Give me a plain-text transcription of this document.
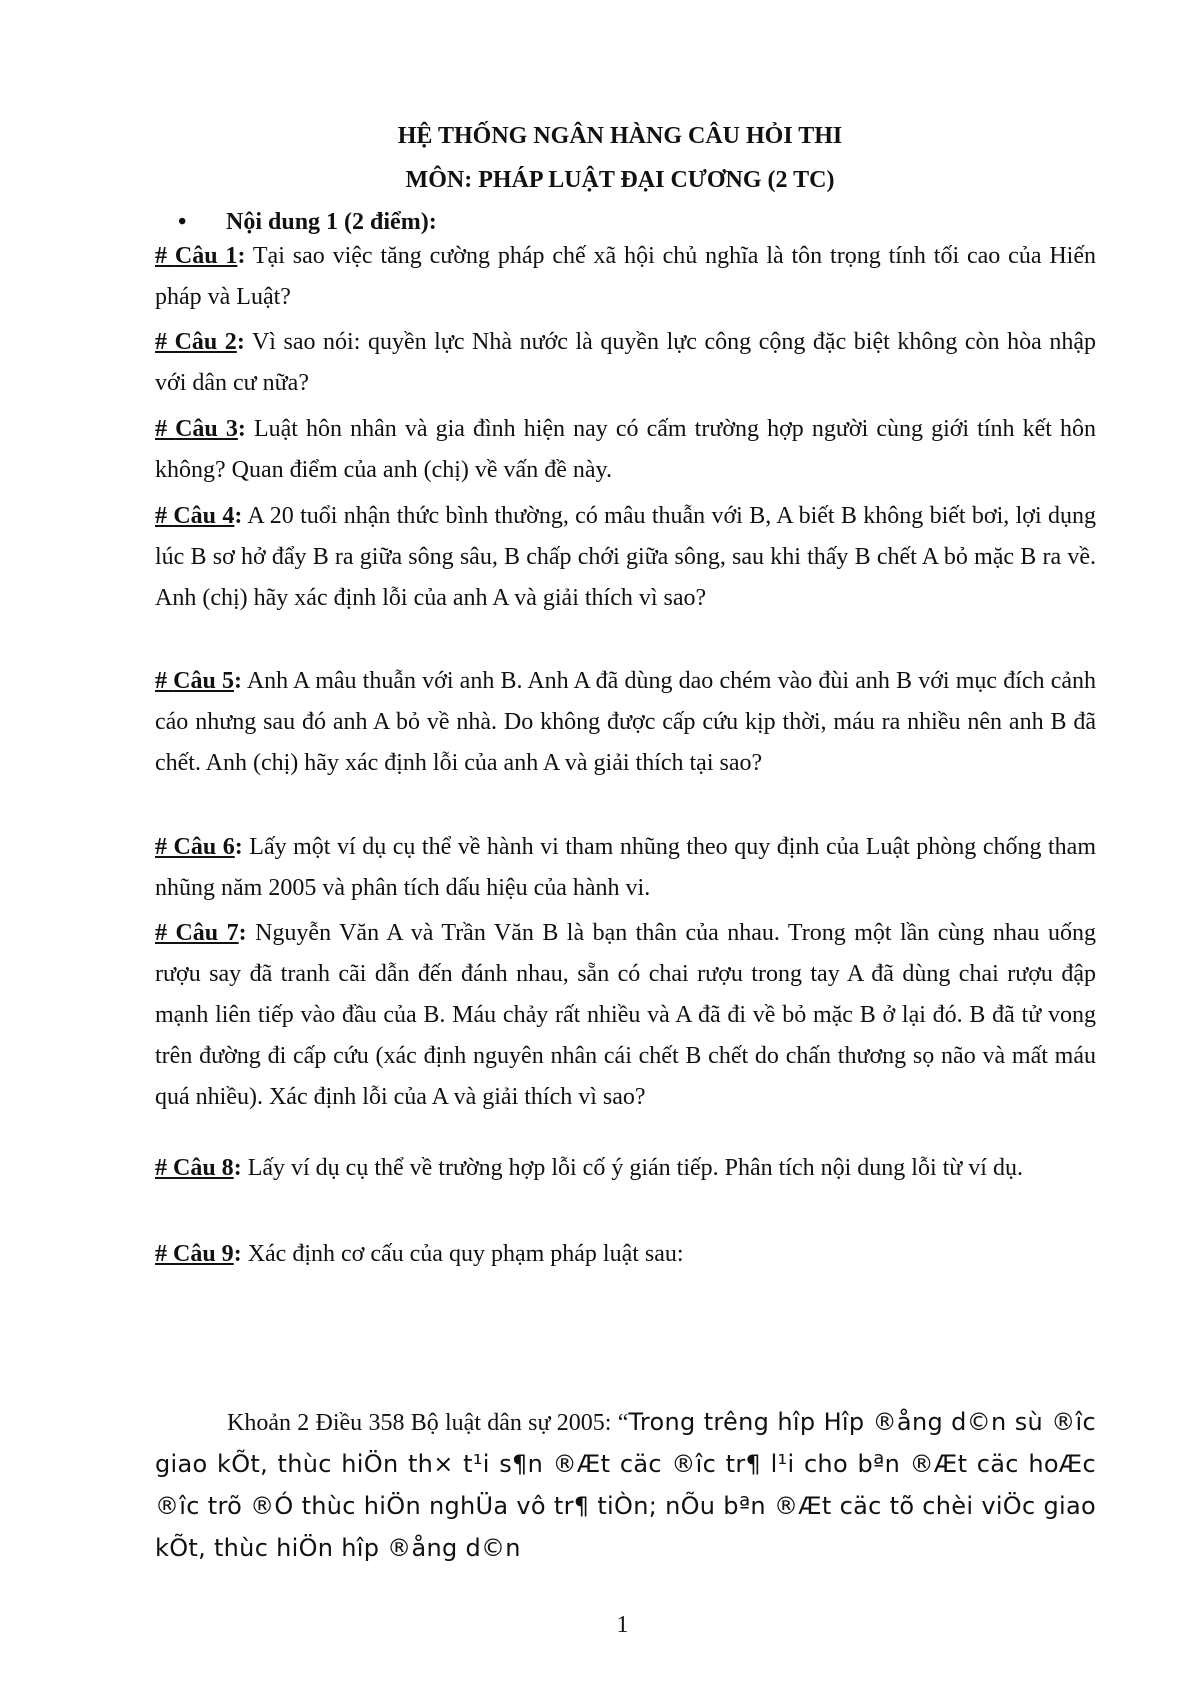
HỆ THỐNG NGÂN HÀNG CÂU HỎI THI
MÔN: PHÁP LUẬT ĐẠI CƯƠNG (2 TC)
• Nội dung 1 (2 điểm):
# Câu 1: Tại sao việc tăng cường pháp chế xã hội chủ nghĩa là tôn trọng tính tối cao của Hiến pháp và Luật?
# Câu 2: Vì sao nói: quyền lực Nhà nước là quyền lực công cộng đặc biệt không còn hòa nhập với dân cư nữa?
# Câu 3: Luật hôn nhân và gia đình hiện nay có cấm trường hợp người cùng giới tính kết hôn không? Quan điểm của anh (chị) về vấn đề này.
# Câu 4: A 20 tuổi nhận thức bình thường, có mâu thuẫn với B, A biết B không biết bơi, lợi dụng lúc B sơ hở đẩy B ra giữa sông sâu, B chấp chới giữa sông, sau khi thấy B chết A bỏ mặc B ra về. Anh (chị) hãy xác định lỗi của anh A và giải thích vì sao?
# Câu 5: Anh A mâu thuẫn với anh B. Anh A đã dùng dao chém vào đùi anh B với mục đích cảnh cáo nhưng sau đó anh A bỏ về nhà. Do không được cấp cứu kịp thời, máu ra nhiều nên anh B đã chết. Anh (chị) hãy xác định lỗi của anh A và giải thích tại sao?
# Câu 6: Lấy một ví dụ cụ thể về hành vi tham nhũng theo quy định của Luật phòng chống tham nhũng năm 2005 và phân tích dấu hiệu của hành vi.
# Câu 7: Nguyễn Văn A và Trần Văn B là bạn thân của nhau. Trong một lần cùng nhau uống rượu say đã tranh cãi dẫn đến đánh nhau, sẵn có chai rượu trong tay A đã dùng chai rượu đập mạnh liên tiếp vào đầu của B. Máu chảy rất nhiều và A đã đi về bỏ mặc B ở lại đó. B đã tử vong trên đường đi cấp cứu (xác định nguyên nhân cái chết B chết do chấn thương sọ não và mất máu quá nhiều). Xác định lỗi của A và giải thích vì sao?
# Câu 8: Lấy ví dụ cụ thể về trường hợp lỗi cố ý gián tiếp. Phân tích nội dung lỗi từ ví dụ.
# Câu 9: Xác định cơ cấu của quy phạm pháp luật sau:
Khoản 2 Điều 358 Bộ luật dân sự 2005: “Trong trêng hîp Hîp ®ång d©n sù ®îc giao kÕt, thùc hiÖn th× t¹i s¶n ®Æt cäc ®îc tr¶ l¹i cho bªn ®Æt cäc hoÆc ®îc trõ ®Ó thùc hiÖn nghÜa vô tr¶ tiÒn; nÕu bªn ®Æt cäc tõ chèi viÖc giao kÕt, thùc hiÖn hîp ®ång d©n
1
